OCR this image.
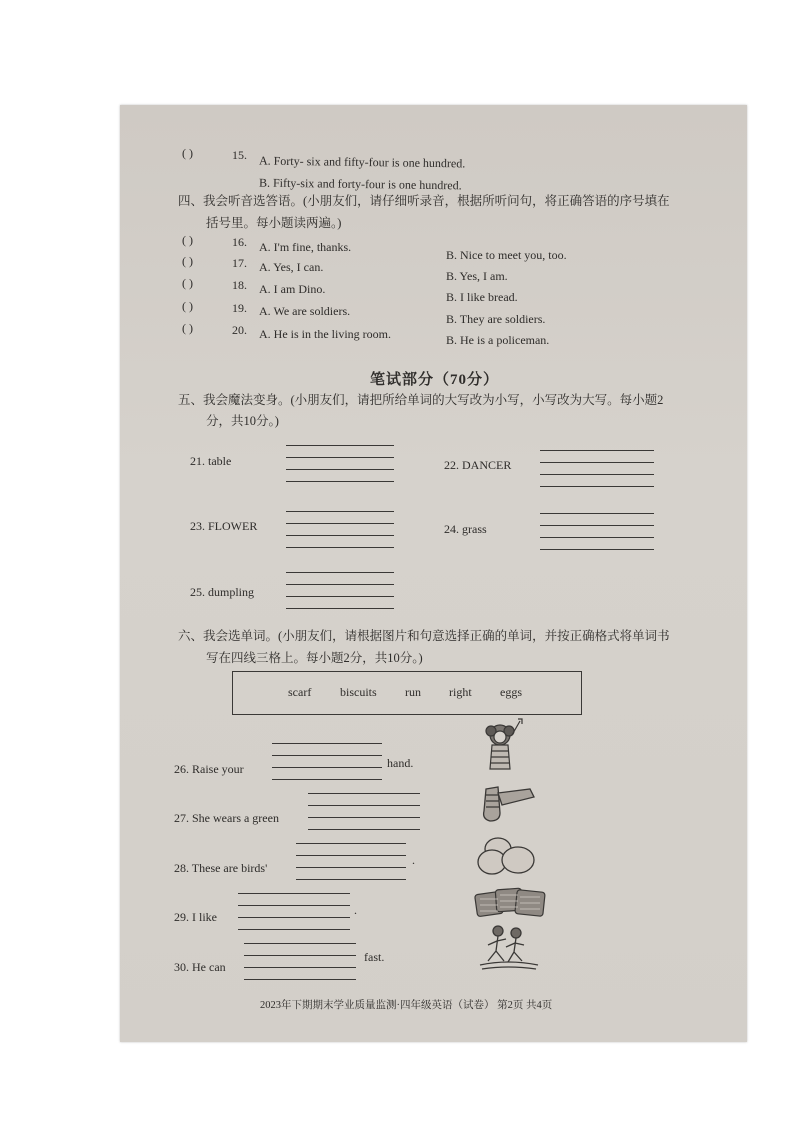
( )	15. A. Forty- six and fifty-four is one hundred.
B. Fifty-six and forty-four is one hundred.
四、我会听音选答语。(小朋友们，请仔细听录音，根据所听问句，将正确答语的序号填在
括号里。每小题读两遍。)
( )	16. A. I'm fine, thanks.
B. Nice to meet you, too.
( )	17. A. Yes, I can.
B. Yes, I am.
( )	18. A. I am Dino.
B. I like bread.
( )	19. A. We are soldiers.
B. They are soldiers.
( )	20. A. He is in the living room.	B. He is a policeman.
笔试部分（70分）
五、我会魔法变身。(小朋友们，请把所给单词的大写改为小写，小写改为大写。每小题2
分，共10分。)
21. table	22. DANCER
23. FLOWER	24. grass
25. dumpling
六、我会选单词。(小朋友们，请根据图片和句意选择正确的单词，并按正确格式将单词书
写在四线三格上。每小题2分，共10分。)
scarf biscuits run right eggs
26. Raise your	hand.
27. She wears a green
28. These are birds'
.
29. I like	.
30. He can
fast.
2023年下期期末学业质量监测·四年级英语（试卷） 第2页 共4页
